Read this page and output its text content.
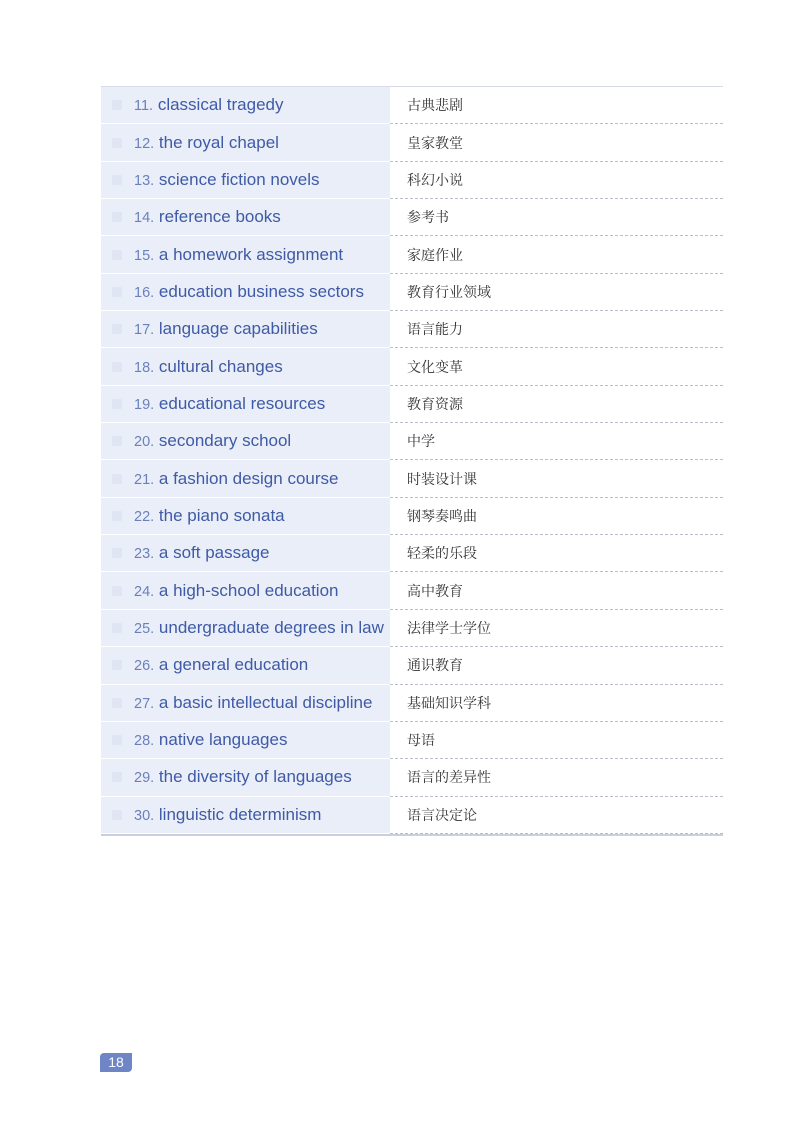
11. classical tragedy	古典悲剧
12. the royal chapel	皇家教堂
13. science fiction novels	科幻小说
14. reference books	参考书
15. a homework assignment	家庭作业
16. education business sectors	教育行业领域
17. language capabilities	语言能力
18. cultural changes	文化变革
19. educational resources	教育资源
20. secondary school	中学
21. a fashion design course	时装设计课
22. the piano sonata	钢琴奏鸣曲
23. a soft passage	轻柔的乐段
24. a high-school education	高中教育
25. undergraduate degrees in law 法律学士学位
26. a general education	通识教育
27. a basic intellectual discipline 基础知识学科
28. native languages	母语
29. the diversity of languages	语言的差异性
30. linguistic determinism	语言决定论
18
